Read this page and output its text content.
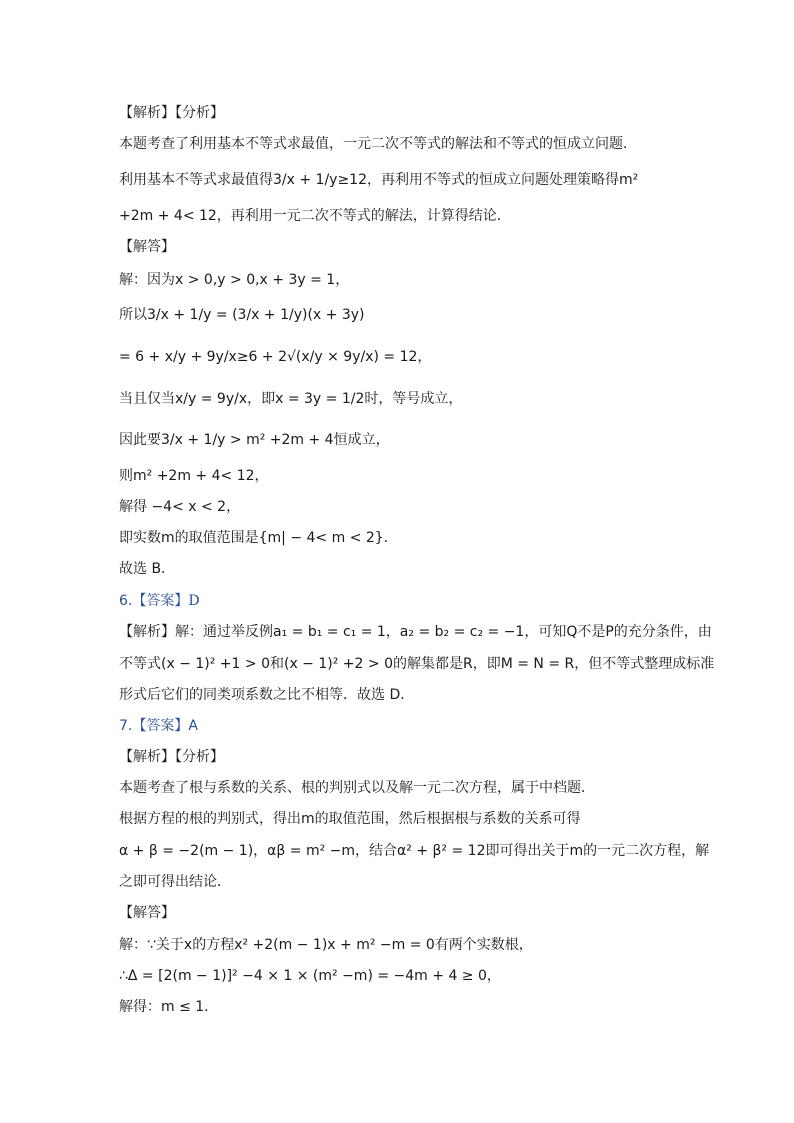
【解析】【分析】
本题考查了利用基本不等式求最值，一元二次不等式的解法和不等式的恒成立问题．
利用基本不等式求最值得3/x + 1/y≥12，再利用不等式的恒成立问题处理策略得m²
+2m + 4< 12，再利用一元二次不等式的解法，计算得结论．
【解答】
解：因为x > 0,y > 0,x + 3y = 1，
所以3/x + 1/y = (3/x + 1/y)(x + 3y)
= 6 + x/y + 9y/x≥6 + 2√(x/y × 9y/x) = 12，
当且仅当x/y = 9y/x，即x = 3y = 1/2时，等号成立，
因此要3/x + 1/y > m² +2m + 4恒成立，
则m² +2m + 4< 12，
解得 −4< x < 2，
即实数m的取值范围是{m| − 4< m < 2}．
故选 B．
6.【答案】D
【解析】解：通过举反例a₁ = b₁ = c₁ = 1，a₂ = b₂ = c₂ = −1，可知Q不是P的充分条件，由
不等式(x − 1)² +1 > 0和(x − 1)² +2 > 0的解集都是R，即M = N = R，但不等式整理成标准
形式后它们的同类项系数之比不相等．故选 D．
7.【答案】A
【解析】【分析】
本题考查了根与系数的关系、根的判别式以及解一元二次方程，属于中档题．
根据方程的根的判别式，得出m的取值范围，然后根据根与系数的关系可得
α + β = −2(m − 1)，αβ = m² −m，结合α² + β² = 12即可得出关于m的一元二次方程，解
之即可得出结论．
【解答】
解：∵关于x的方程x² +2(m − 1)x + m² −m = 0有两个实数根，
∴Δ = [2(m − 1)]² −4 × 1 × (m² −m) = −4m + 4 ≥ 0，
解得：m ≤ 1．
